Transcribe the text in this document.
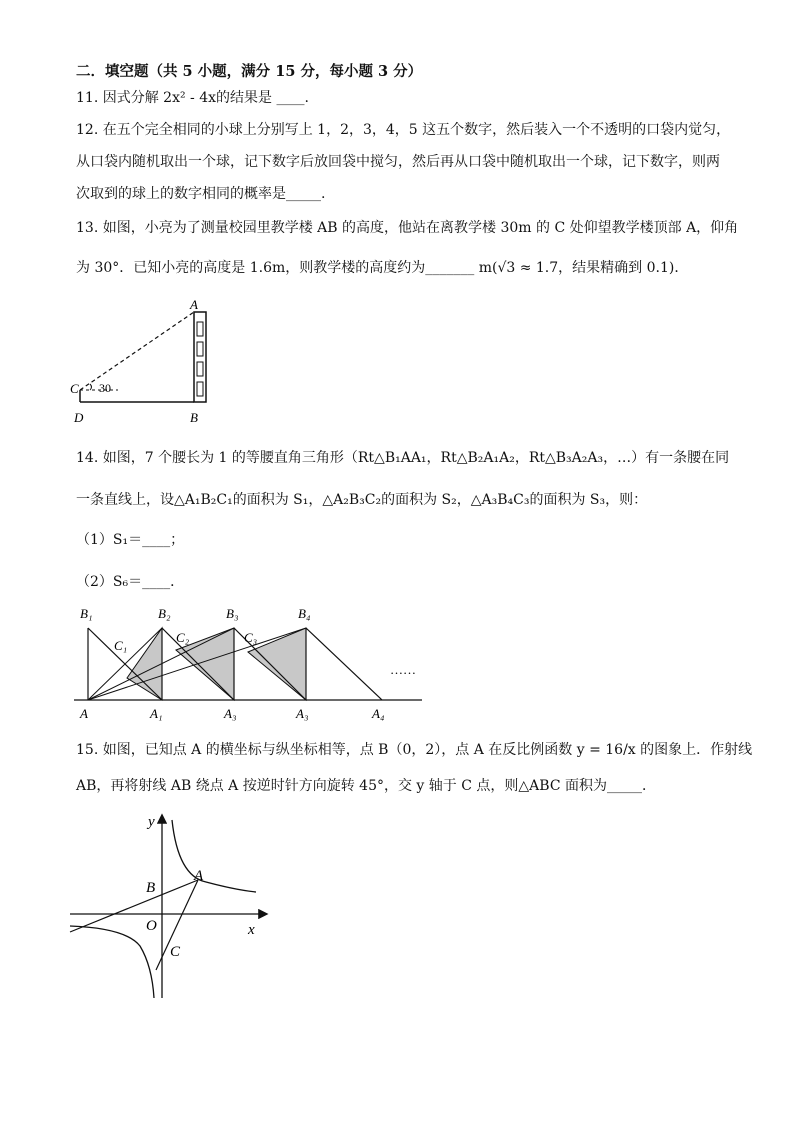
二．填空题（共 5 小题，满分 15 分，每小题 3 分）
11. 因式分解 2x² - 4x的结果是 ____.
12. 在五个完全相同的小球上分别写上 1，2，3，4，5 这五个数字，然后装入一个不透明的口袋内觉匀，
从口袋内随机取出一个球，记下数字后放回袋中搅匀，然后再从口袋中随机取出一个球，记下数字，则两
次取到的球上的数字相同的概率是_____.
13. 如图，小亮为了测量校园里教学楼 AB 的高度，他站在离教学楼 30m 的 C 处仰望教学楼顶部 A，仰角
为 30°．已知小亮的高度是 1.6m，则教学楼的高度约为_______ m(√3 ≈ 1.7，结果精确到 0.1)．
A
C 30
D	B
14. 如图，7 个腰长为 1 的等腰直角三角形（Rt△B₁AA₁，Rt△B₂A₁A₂，Rt△B₃A₂A₃，…）有一条腰在同
一条直线上，设△A₁B₂C₁的面积为 S₁，△A₂B₃C₂的面积为 S₂，△A₃B₄C₃的面积为 S₃，则：
（1）S₁＝____；
（2）S₆＝____．
B₁	B₂	B₃	B₄
C₁
C₂	C₃
……
A	A₁	A₃	A₃	A₄
15. 如图，已知点 A 的横坐标与纵坐标相等，点 B（0，2），点 A 在反比例函数 y = 16/x 的图象上．作射线
AB，再将射线 AB 绕点 A 按逆时针方向旋转 45°，交 y 轴于 C 点，则△ABC 面积为_____．
y
x
A
B
O
C
